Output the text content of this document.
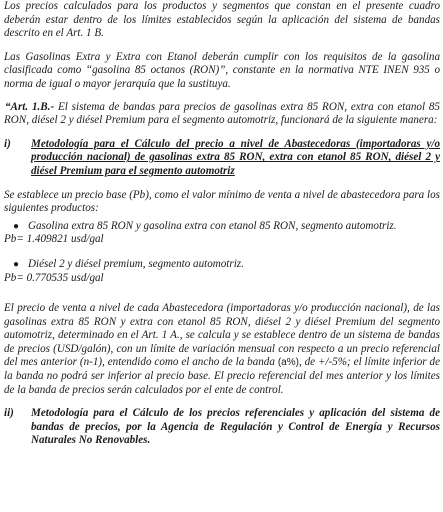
Los precios calculados para los productos y segmentos que constan en el presente cuadro deberán estar dentro de los límites establecidos según la aplicación del sistema de bandas descrito en el Art. 1 B.

Las Gasolinas Extra y Extra con Etanol deberán cumplir con los requisitos de la gasolina clasificada como “gasolina 85 octanos (RON)”, constante en la normativa NTE INEN 935 o norma de igual o mayor jerarquía que la sustituya.

“Art. 1.B.- El sistema de bandas para precios de gasolinas extra 85 RON, extra con etanol 85 RON, diésel 2 y diésel Premium para el segmento automotriz, funcionará de la siguiente manera:

i)	Metodología para el Cálculo del precio a nivel de Abastecedoras (importadoras y/o producción nacional) de gasolinas extra 85 RON, extra con etanol 85 RON, diésel 2 y diésel Premium para el segmento automotriz

Se establece un precio base (Pb), como el valor mínimo de venta a nivel de abastecedora para los siguientes productos:

● Gasolina extra 85 RON y gasolina extra con etanol 85 RON, segmento automotriz.

Pb= 1.409821 usd/gal

● Diésel 2 y diésel premium, segmento automotriz.

Pb= 0.770535 usd/gal

El precio de venta a nivel de cada Abastecedora (importadoras y/o producción nacional), de las gasolinas extra 85 RON y extra con etanol 85 RON, diésel 2 y diésel Premium del segmento automotriz, determinado en el Art. 1 A., se calcula y se establece dentro de un sistema de bandas de precios (USD/galón), con un límite de variación mensual con respecto a un precio referencial del mes anterior (n-1), entendido como el ancho de la banda (a%), de +/-5%; el límite inferior de la banda no podrá ser inferior al precio base. El precio referencial del mes anterior y los límites de la banda de precios serán calculados por el ente de control.

ii)	Metodología para el Cálculo de los precios referenciales y aplicación del sistema de bandas de precios, por la Agencia de Regulación y Control de Energía y Recursos Naturales No Renovables.
